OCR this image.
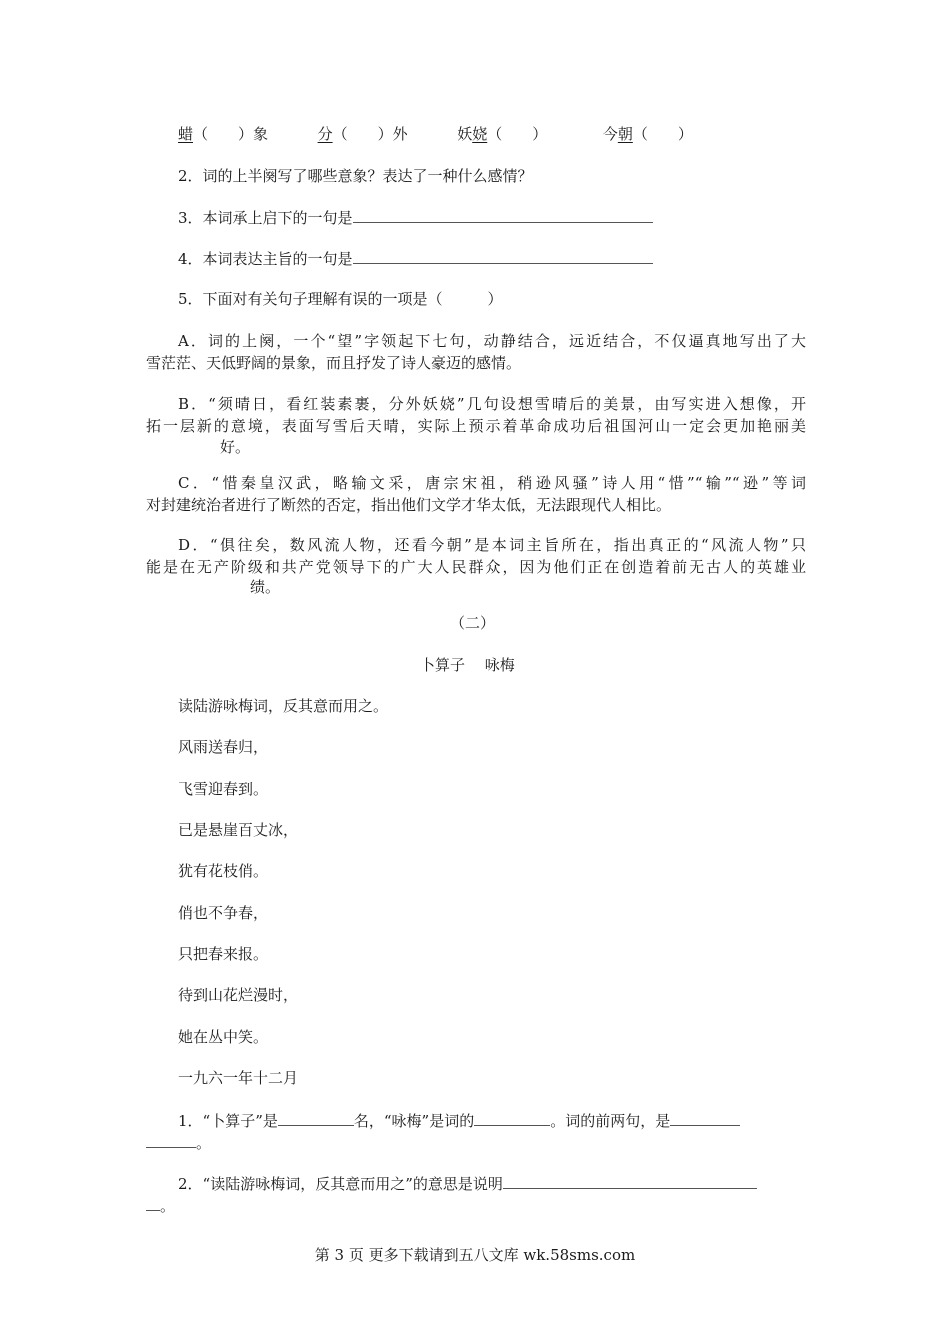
蜡（　　）象	分（　　）外	妖娆（　　）	今朝（　　）
2．词的上半阕写了哪些意象？表达了一种什么感情？
3．本词承上启下的一句是
4．本词表达主旨的一句是
5．下面对有关句子理解有误的一项是（　　　）
A．词的上阕，一个“望”字领起下七句，动静结合，远近结合，不仅逼真地写出了大
雪茫茫、天低野阔的景象，而且抒发了诗人豪迈的感情。
B．“须晴日，看红装素裹，分外妖娆”几句设想雪晴后的美景，由写实进入想像，开
拓一层新的意境，表面写雪后天晴，实际上预示着革命成功后祖国河山一定会更加艳丽美
好。
C．“惜秦皇汉武，略输文采，唐宗宋祖，稍逊风骚”诗人用“惜”“输”“逊”等词
对封建统治者进行了断然的否定，指出他们文学才华太低，无法跟现代人相比。
D．“俱往矣，数风流人物，还看今朝”是本词主旨所在，指出真正的“风流人物”只
能是在无产阶级和共产党领导下的广大人民群众，因为他们正在创造着前无古人的英雄业
绩。
（二）
卜算子　 咏梅
读陆游咏梅词，反其意而用之。
风雨送春归，
飞雪迎春到。
已是悬崖百丈冰，
犹有花枝俏。
俏也不争春，
只把春来报。
待到山花烂漫时，
她在丛中笑。
一九六一年十二月
1．“卜算子”是	名，“咏梅”是词的	。词的前两句，是
。
2．“读陆游咏梅词，反其意而用之”的意思是说明
。
第 3 页 更多下载请到五八文库 wk.58sms.com
